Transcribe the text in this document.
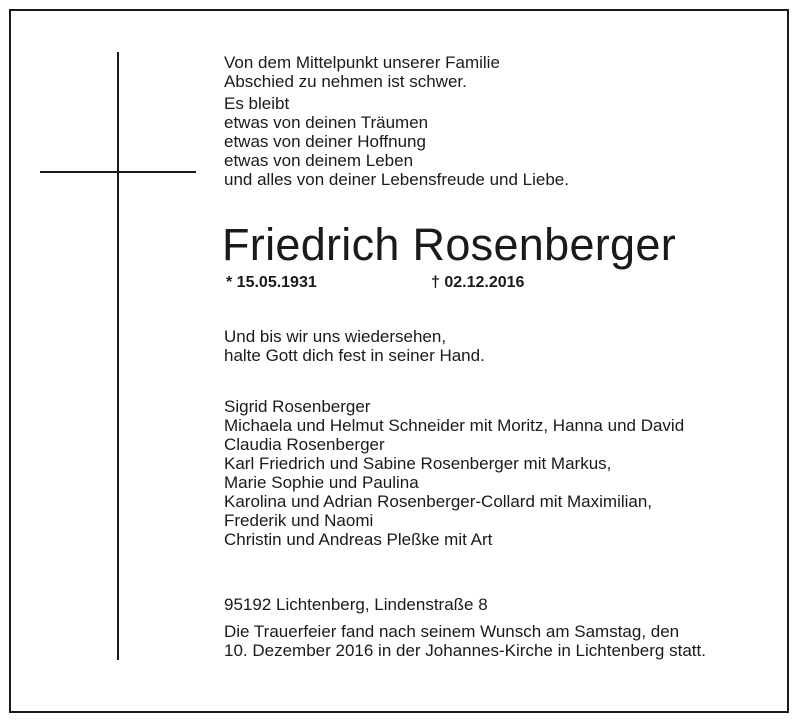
Von dem Mittelpunkt unserer Familie
Abschied zu nehmen ist schwer.
Es bleibt
etwas von deinen Träumen
etwas von deiner Hoffnung
etwas von deinem Leben
und alles von deiner Lebensfreude und Liebe.
Friedrich Rosenberger
* 15.05.1931	† 02.12.2016
Und bis wir uns wiedersehen,
halte Gott dich fest in seiner Hand.
Sigrid Rosenberger
Michaela und Helmut Schneider mit Moritz, Hanna und David
Claudia Rosenberger
Karl Friedrich und Sabine Rosenberger mit Markus,
Marie Sophie und Paulina
Karolina und Adrian Rosenberger-Collard mit Maximilian,
Frederik und Naomi
Christin und Andreas Pleßke mit Art
95192 Lichtenberg, Lindenstraße 8
Die Trauerfeier fand nach seinem Wunsch am Samstag, den
10. Dezember 2016 in der Johannes-Kirche in Lichtenberg statt.
